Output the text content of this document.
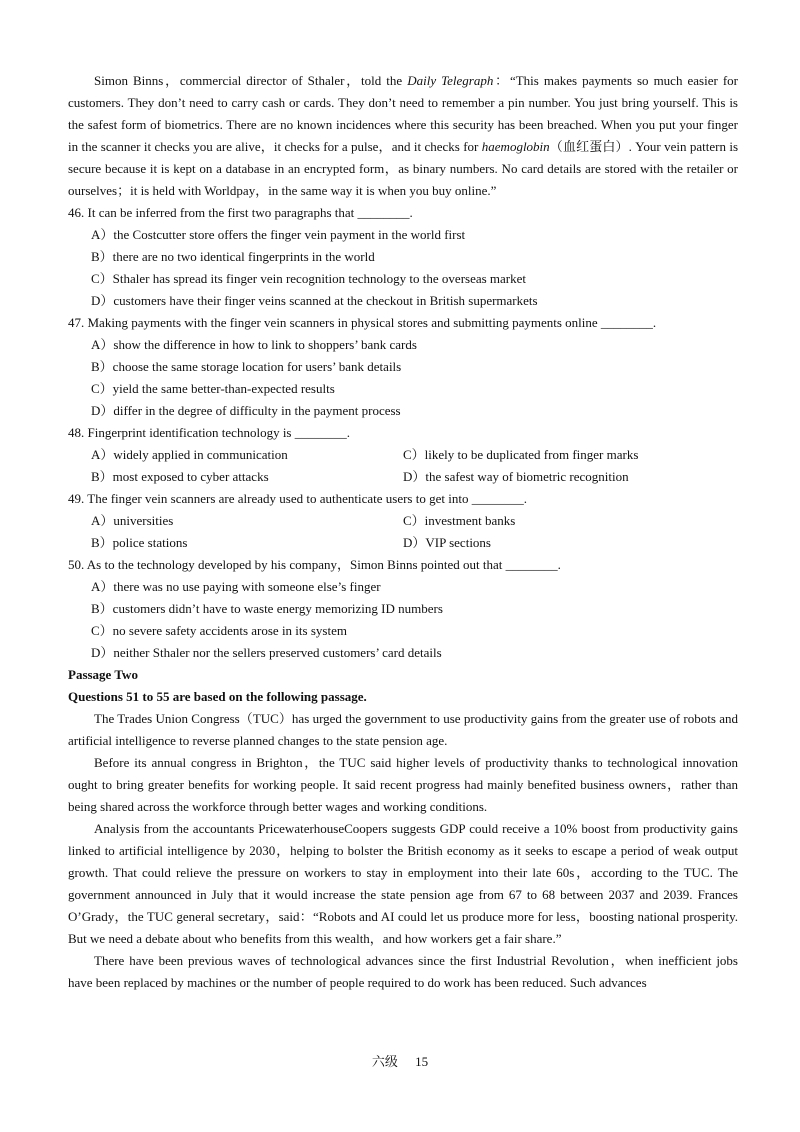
Simon Binns，commercial director of Sthaler，told the Daily Telegraph：“This makes payments so much easier for customers. They don’t need to carry cash or cards. They don’t need to remember a pin number. You just bring yourself. This is the safest form of biometrics. There are no known incidences where this security has been breached. When you put your finger in the scanner it checks you are alive，it checks for a pulse，and it checks for haemoglobin（血红蛋白）. Your vein pattern is secure because it is kept on a database in an encrypted form，as binary numbers. No card details are stored with the retailer or ourselves；it is held with Worldpay，in the same way it is when you buy online.”

46. It can be inferred from the first two paragraphs that ________.

A）the Costcutter store offers the finger vein payment in the world first

B）there are no two identical fingerprints in the world

C）Sthaler has spread its finger vein recognition technology to the overseas market

D）customers have their finger veins scanned at the checkout in British supermarkets

47. Making payments with the finger vein scanners in physical stores and submitting payments online ________.

A）show the difference in how to link to shoppers’ bank cards

B）choose the same storage location for users’ bank details

C）yield the same better-than-expected results

D）differ in the degree of difficulty in the payment process

48. Fingerprint identification technology is ________.

A）widely applied in communication	C）likely to be duplicated from finger marks
B）most exposed to cyber attacks	D）the safest way of biometric recognition

49. The finger vein scanners are already used to authenticate users to get into ________.

A）universities	C）investment banks
B）police stations	D）VIP sections

50. As to the technology developed by his company，Simon Binns pointed out that ________.

A）there was no use paying with someone else’s finger

B）customers didn’t have to waste energy memorizing ID numbers

C）no severe safety accidents arose in its system

D）neither Sthaler nor the sellers preserved customers’ card details

Passage Two

Questions 51 to 55 are based on the following passage.

The Trades Union Congress（TUC）has urged the government to use productivity gains from the greater use of robots and artificial intelligence to reverse planned changes to the state pension age.

Before its annual congress in Brighton，the TUC said higher levels of productivity thanks to technological innovation ought to bring greater benefits for working people. It said recent progress had mainly benefited business owners，rather than being shared across the workforce through better wages and working conditions.

Analysis from the accountants PricewaterhouseCoopers suggests GDP could receive a 10% boost from productivity gains linked to artificial intelligence by 2030，helping to bolster the British economy as it seeks to escape a period of weak output growth. That could relieve the pressure on workers to stay in employment into their late 60s，according to the TUC. The government announced in July that it would increase the state pension age from 67 to 68 between 2037 and 2039. Frances O’Grady，the TUC general secretary，said：“Robots and AI could let us produce more for less，boosting national prosperity. But we need a debate about who benefits from this wealth，and how workers get a fair share.”

There have been previous waves of technological advances since the first Industrial Revolution，when inefficient jobs have been replaced by machines or the number of people required to do work has been reduced. Such advances

六级 15
